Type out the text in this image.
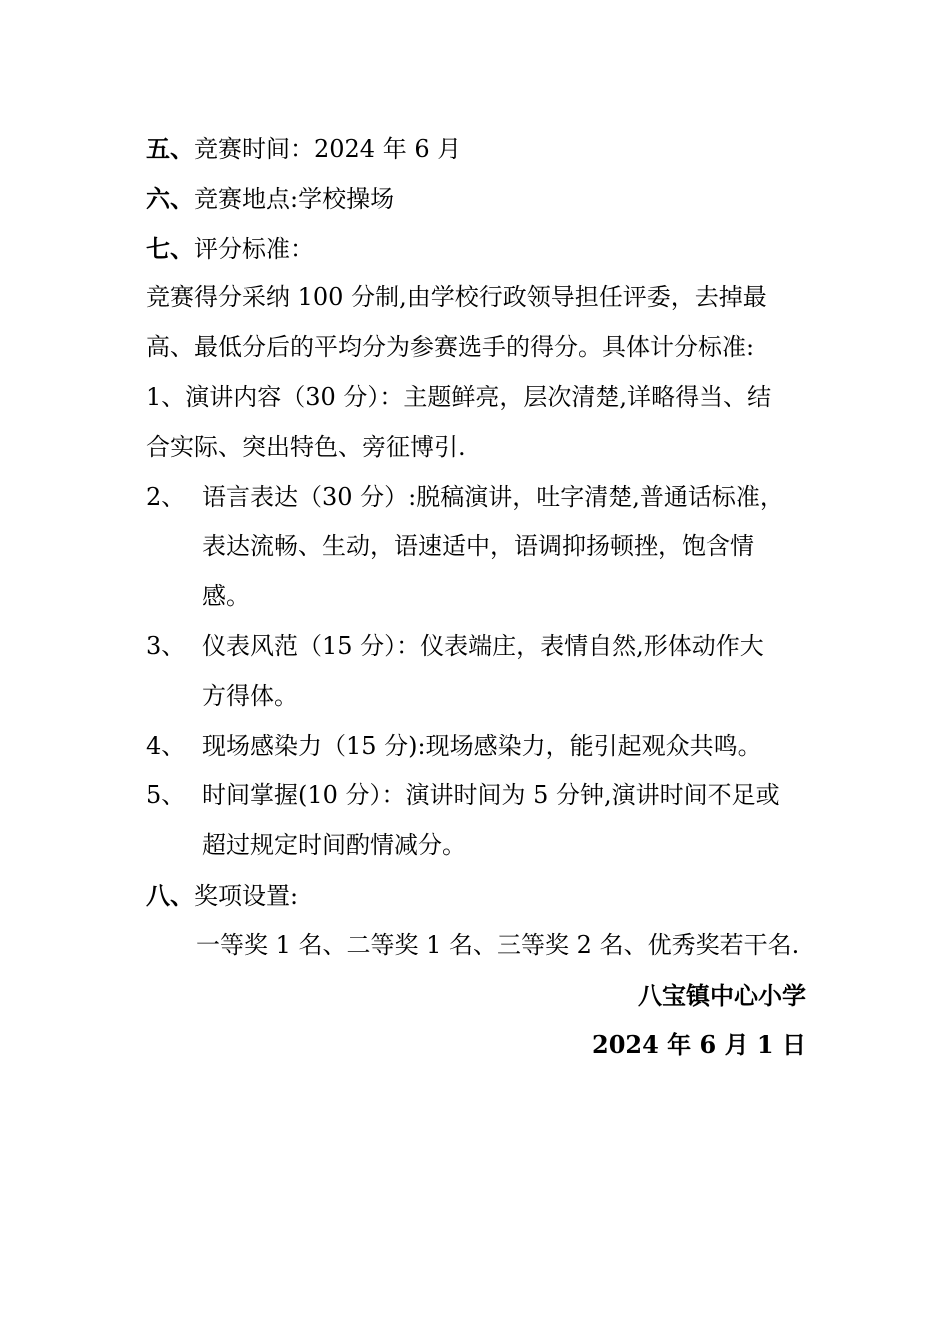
五、竞赛时间：2024 年 6 月
六、竞赛地点:学校操场
七、评分标准：
竞赛得分采纳 100 分制,由学校行政领导担任评委，去掉最
高、最低分后的平均分为参赛选手的得分。具体计分标准:
1、演讲内容（30 分）：主题鲜亮，层次清楚,详略得当、结
合实际、突出特色、旁征博引.
2、 语言表达（30 分）:脱稿演讲，吐字清楚,普通话标准，
表达流畅、生动，语速适中，语调抑扬顿挫，饱含情
感。
3、 仪表风范（15 分）：仪表端庄，表情自然,形体动作大
方得体。
4、 现场感染力（15 分):现场感染力，能引起观众共鸣。
5、 时间掌握(10 分）：演讲时间为 5 分钟,演讲时间不足或
超过规定时间酌情减分。
八、奖项设置:
一等奖 1 名、二等奖 1 名、三等奖 2 名、优秀奖若干名.
八宝镇中心小学
2024 年 6 月 1 日
